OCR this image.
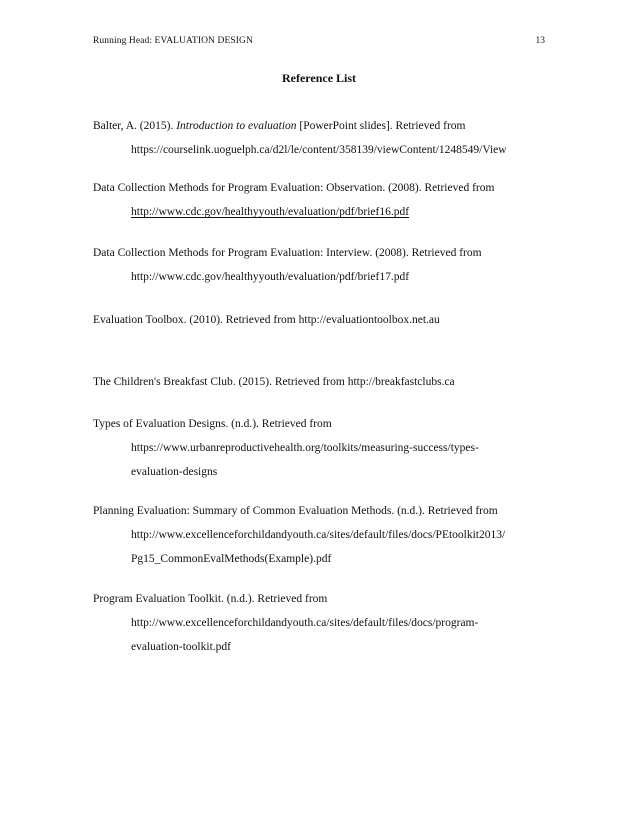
Running Head: EVALUATION DESIGN	13
Reference List
Balter, A. (2015). Introduction to evaluation [PowerPoint slides]. Retrieved from
https://courselink.uoguelph.ca/d2l/le/content/358139/viewContent/1248549/View
Data Collection Methods for Program Evaluation: Observation. (2008). Retrieved from
http://www.cdc.gov/healthyyouth/evaluation/pdf/brief16.pdf
Data Collection Methods for Program Evaluation: Interview. (2008). Retrieved from
http://www.cdc.gov/healthyyouth/evaluation/pdf/brief17.pdf
Evaluation Toolbox. (2010). Retrieved from http://evaluationtoolbox.net.au
The Children's Breakfast Club. (2015). Retrieved from http://breakfastclubs.ca
Types of Evaluation Designs. (n.d.). Retrieved from
https://www.urbanreproductivehealth.org/toolkits/measuring-success/types-
evaluation-designs
Planning Evaluation: Summary of Common Evaluation Methods. (n.d.). Retrieved from
http://www.excellenceforchildandyouth.ca/sites/default/files/docs/PEtoolkit2013/
Pg15_CommonEvalMethods(Example).pdf
Program Evaluation Toolkit. (n.d.). Retrieved from
http://www.excellenceforchildandyouth.ca/sites/default/files/docs/program-
evaluation-toolkit.pdf
